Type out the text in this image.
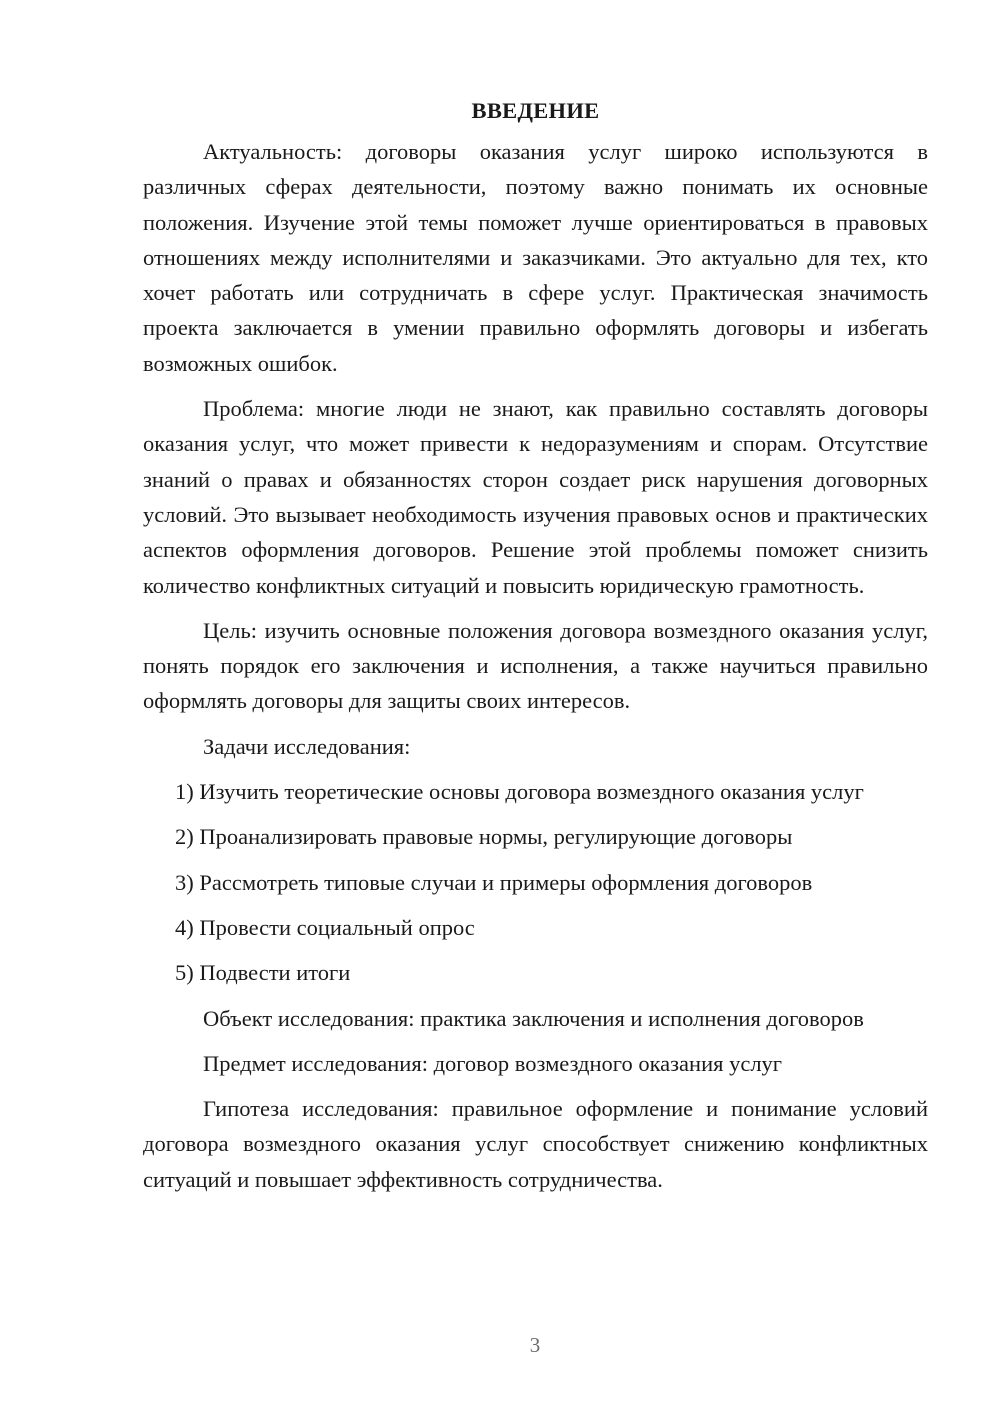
ВВЕДЕНИЕ

Актуальность: договоры оказания услуг широко используются в различных сферах деятельности, поэтому важно понимать их основные положения. Изучение этой темы поможет лучше ориентироваться в правовых отношениях между исполнителями и заказчиками. Это актуально для тех, кто хочет работать или сотрудничать в сфере услуг. Практическая значимость проекта заключается в умении правильно оформлять договоры и избегать возможных ошибок.

Проблема: многие люди не знают, как правильно составлять договоры оказания услуг, что может привести к недоразумениям и спорам. Отсутствие знаний о правах и обязанностях сторон создает риск нарушения договорных условий. Это вызывает необходимость изучения правовых основ и практических аспектов оформления договоров. Решение этой проблемы поможет снизить количество конфликтных ситуаций и повысить юридическую грамотность.

Цель: изучить основные положения договора возмездного оказания услуг, понять порядок его заключения и исполнения, а также научиться правильно оформлять договоры для защиты своих интересов.

Задачи исследования:

1) Изучить теоретические основы договора возмездного оказания услуг
2) Проанализировать правовые нормы, регулирующие договоры
3) Рассмотреть типовые случаи и примеры оформления договоров
4) Провести социальный опрос
5) Подвести итоги

Объект исследования: практика заключения и исполнения договоров

Предмет исследования: договор возмездного оказания услуг

Гипотеза исследования: правильное оформление и понимание условий договора возмездного оказания услуг способствует снижению конфликтных ситуаций и повышает эффективность сотрудничества.

3
